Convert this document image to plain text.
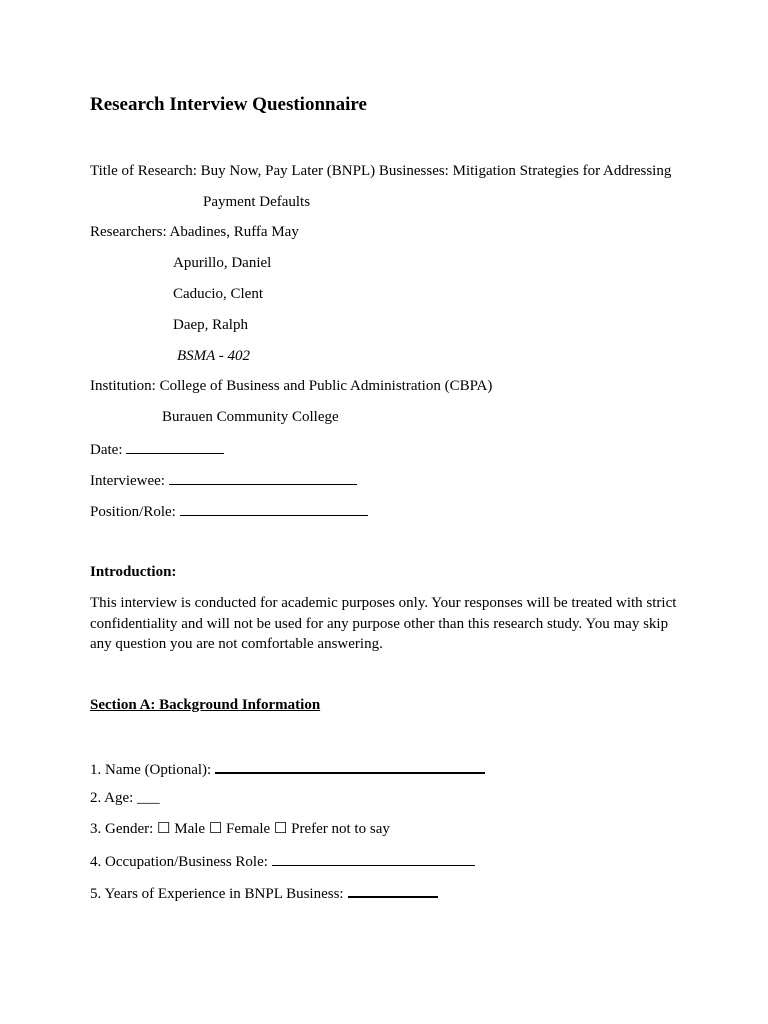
Research Interview Questionnaire
Title of Research: Buy Now, Pay Later (BNPL) Businesses: Mitigation Strategies for Addressing
Payment Defaults
Researchers: Abadines, Ruffa May
Apurillo, Daniel
Caducio, Clent
Daep, Ralph
BSMA - 402
Institution: College of Business and Public Administration (CBPA)
Burauen Community College
Date:
Interviewee:
Position/Role:
Introduction:
This interview is conducted for academic purposes only. Your responses will be treated with strict confidentiality and will not be used for any purpose other than this research study. You may skip any question you are not comfortable answering.
Section A: Background Information
1. Name (Optional):
2. Age: ___
3. Gender: ☐ Male ☐ Female ☐ Prefer not to say
4. Occupation/Business Role:
5. Years of Experience in BNPL Business:
